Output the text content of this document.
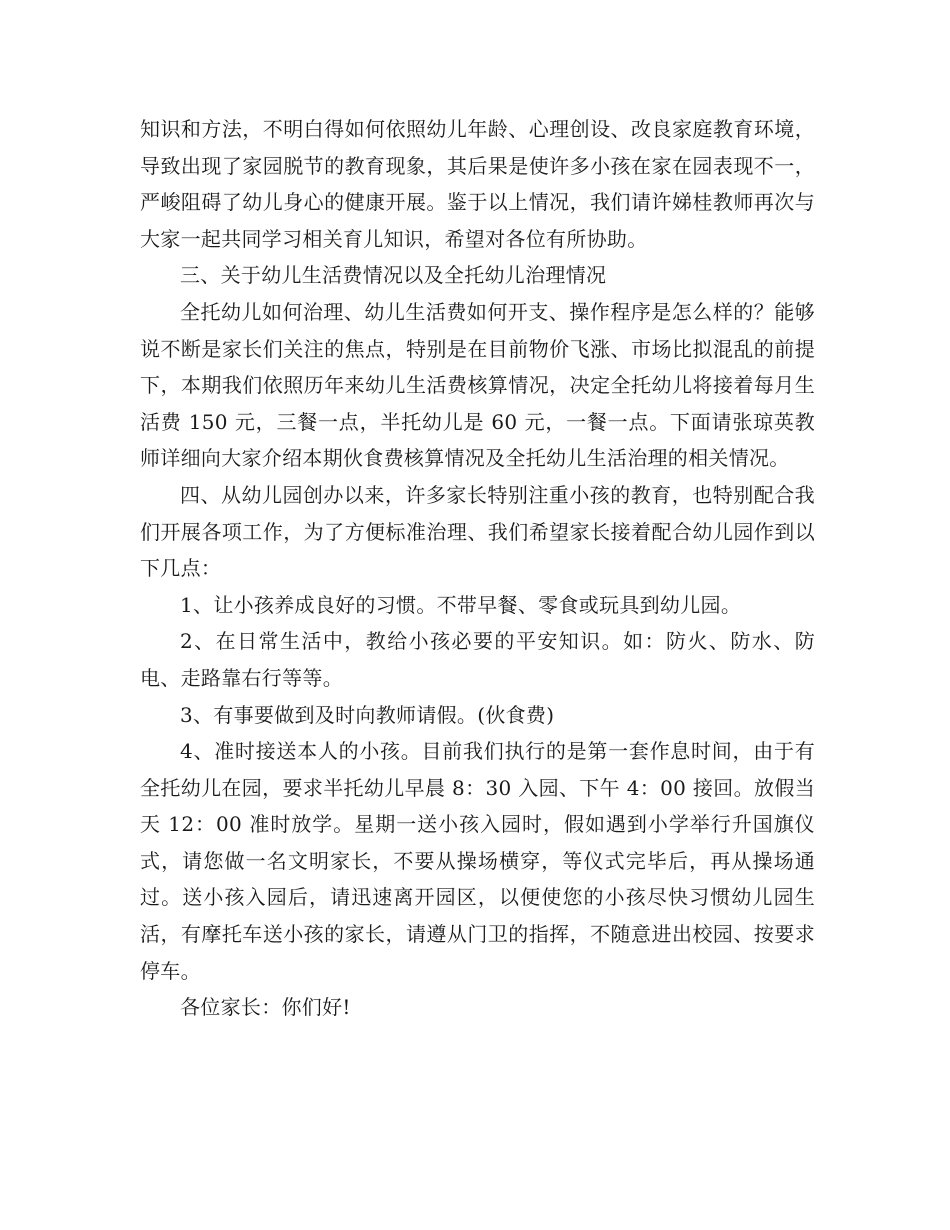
知识和方法，不明白得如何依照幼儿年龄、心理创设、改良家庭教育环境，导致出现了家园脱节的教育现象，其后果是使许多小孩在家在园表现不一，严峻阻碍了幼儿身心的健康开展。鉴于以上情况，我们请许娣桂教师再次与大家一起共同学习相关育儿知识，希望对各位有所协助。

三、关于幼儿生活费情况以及全托幼儿治理情况

全托幼儿如何治理、幼儿生活费如何开支、操作程序是怎么样的？能够说不断是家长们关注的焦点，特别是在目前物价飞涨、市场比拟混乱的前提下，本期我们依照历年来幼儿生活费核算情况，决定全托幼儿将接着每月生活费 150 元，三餐一点，半托幼儿是 60 元，一餐一点。下面请张琼英教师详细向大家介绍本期伙食费核算情况及全托幼儿生活治理的相关情况。

四、从幼儿园创办以来，许多家长特别注重小孩的教育，也特别配合我们开展各项工作，为了方便标准治理、我们希望家长接着配合幼儿园作到以下几点：

1、让小孩养成良好的习惯。不带早餐、零食或玩具到幼儿园。

2、在日常生活中，教给小孩必要的平安知识。如：防火、防水、防电、走路靠右行等等。

3、有事要做到及时向教师请假。(伙食费)

4、准时接送本人的小孩。目前我们执行的是第一套作息时间，由于有全托幼儿在园，要求半托幼儿早晨 8：30 入园、下午 4：00 接回。放假当天 12：00 准时放学。星期一送小孩入园时，假如遇到小学举行升国旗仪式，请您做一名文明家长，不要从操场横穿，等仪式完毕后，再从操场通过。送小孩入园后，请迅速离开园区，以便使您的小孩尽快习惯幼儿园生活，有摩托车送小孩的家长，请遵从门卫的指挥，不随意进出校园、按要求停车。

各位家长：你们好!
